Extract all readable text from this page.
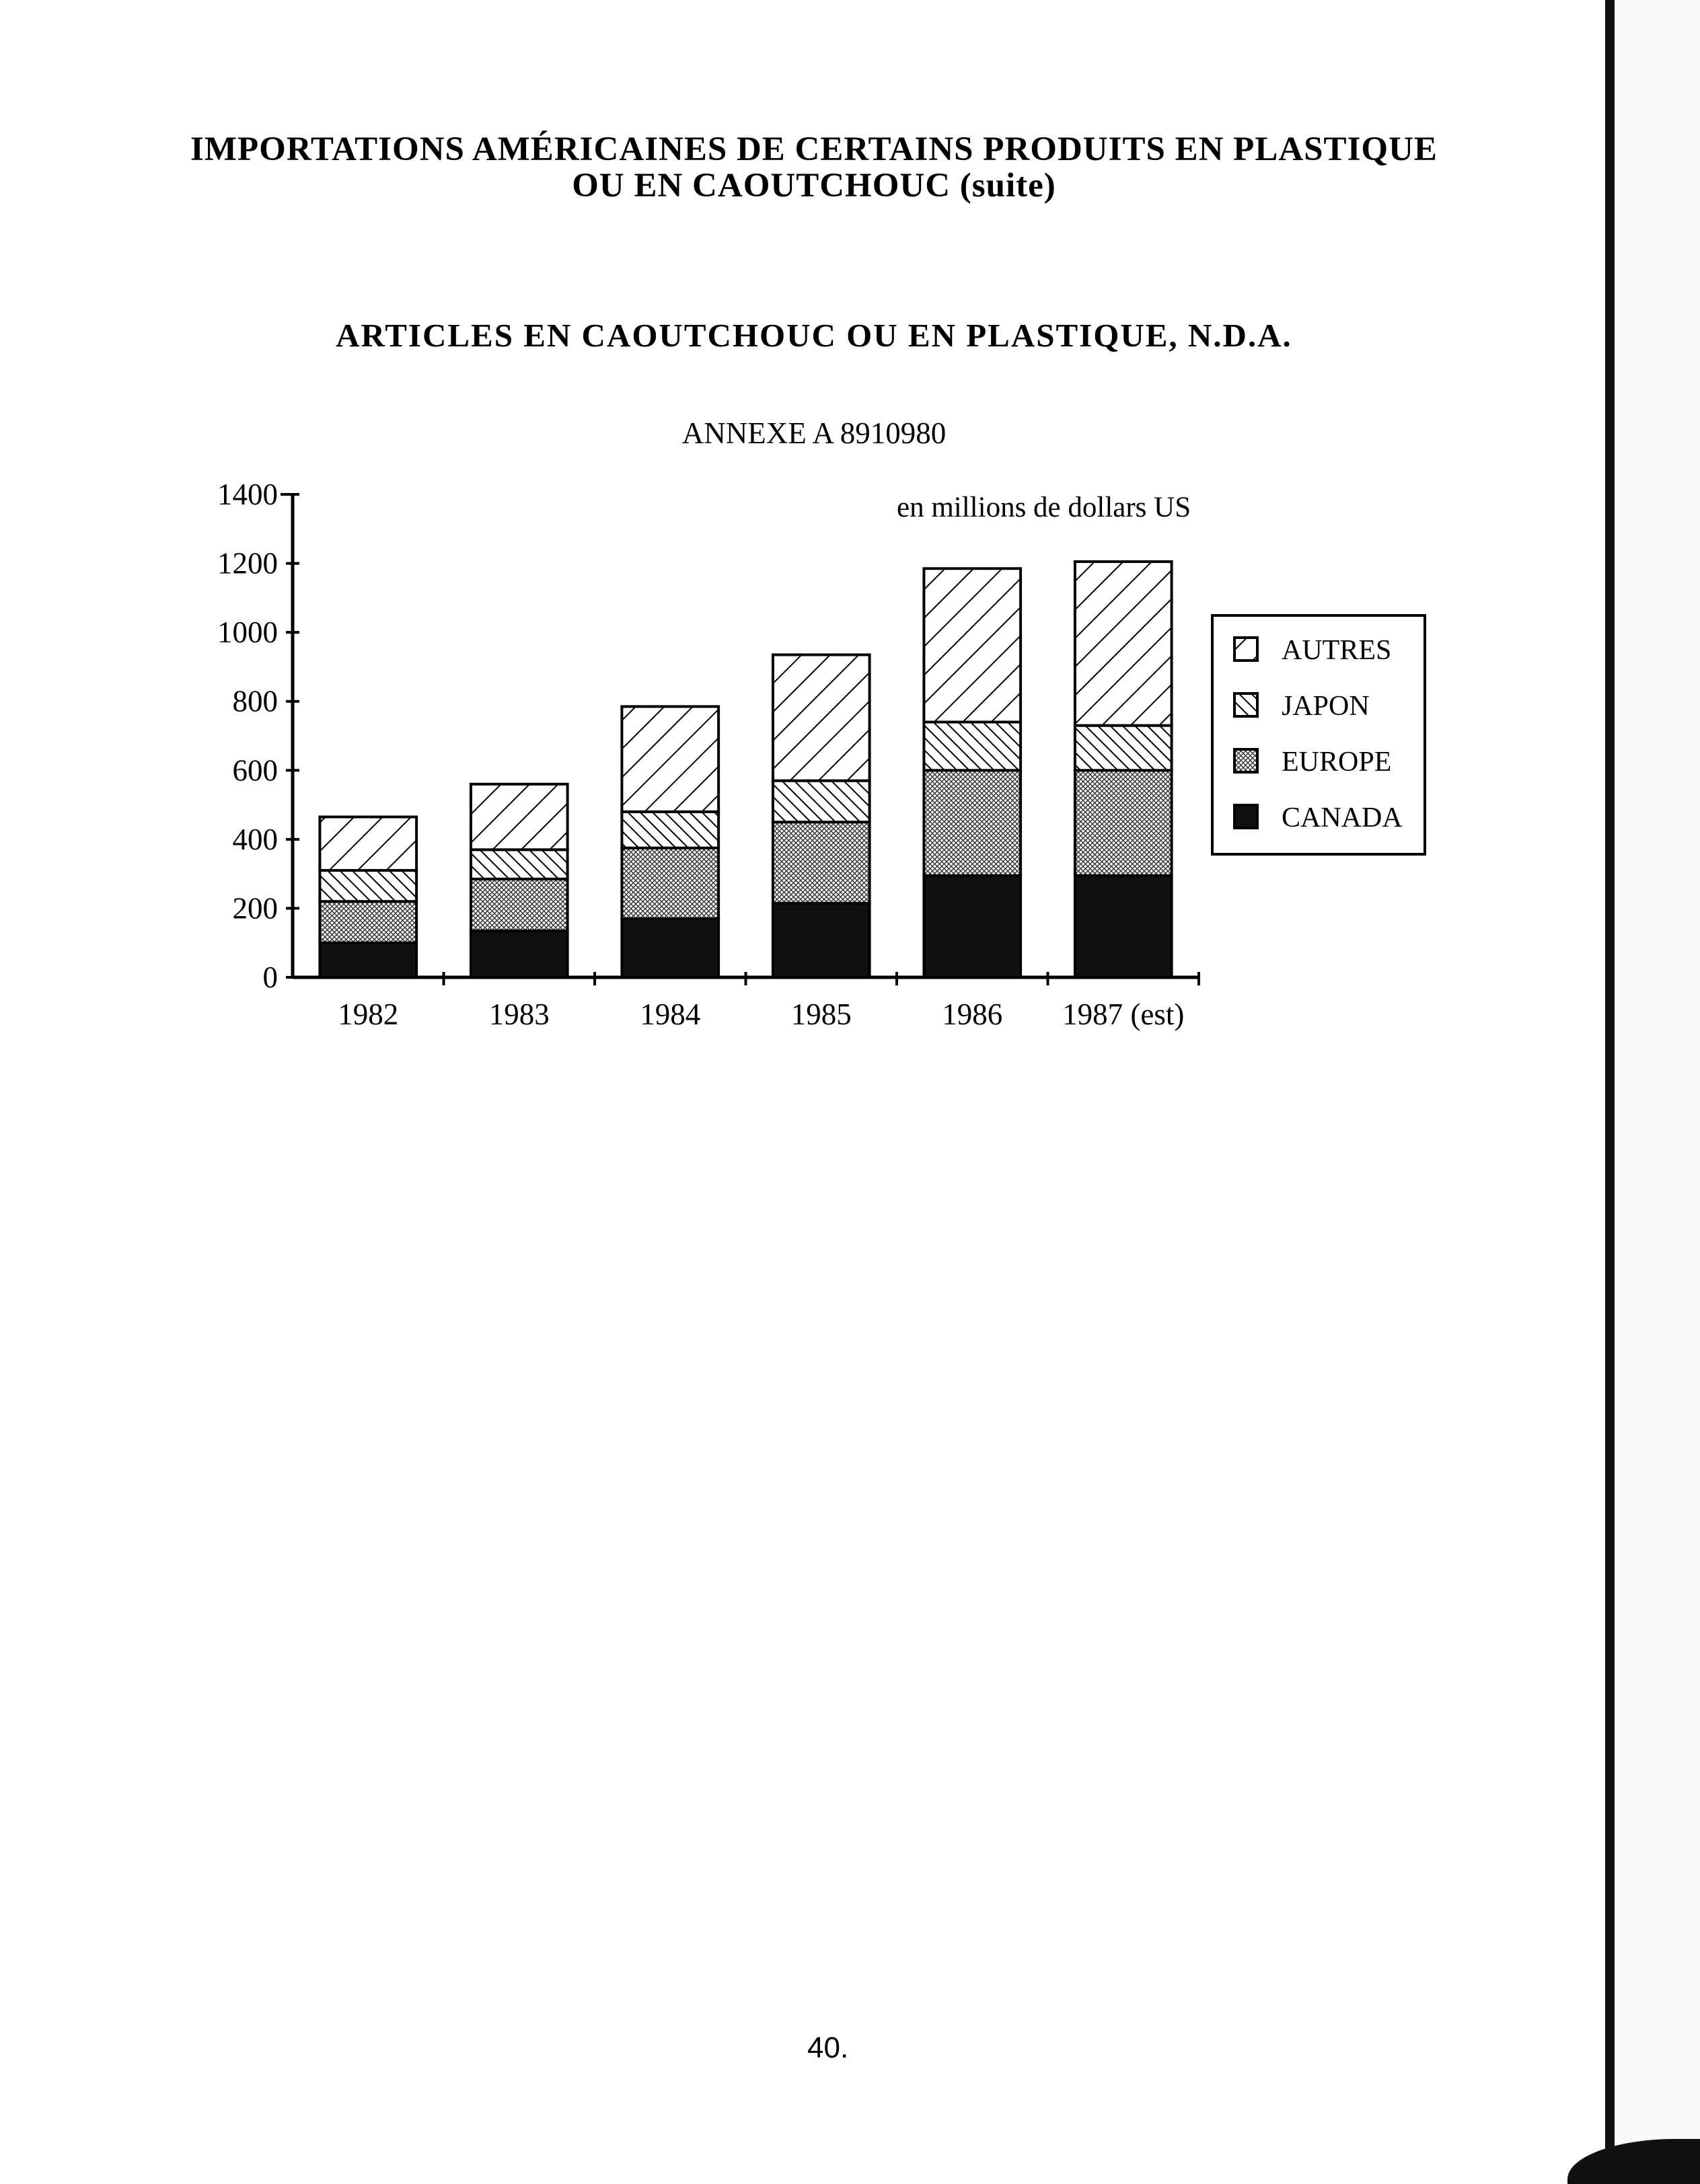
IMPORTATIONS AMÉRICAINES DE CERTAINS PRODUITS EN PLASTIQUE
OU EN CAOUTCHOUC (suite)
ARTICLES EN CAOUTCHOUC OU EN PLASTIQUE, N.D.A.
ANNEXE A 8910980
en millions de dollars US
0
200
400
600
800
1000
1200
1400
1982	1983	1984	1985	1986 1987 (est)
AUTRES
JAPON
EUROPE
CANADA
40.
